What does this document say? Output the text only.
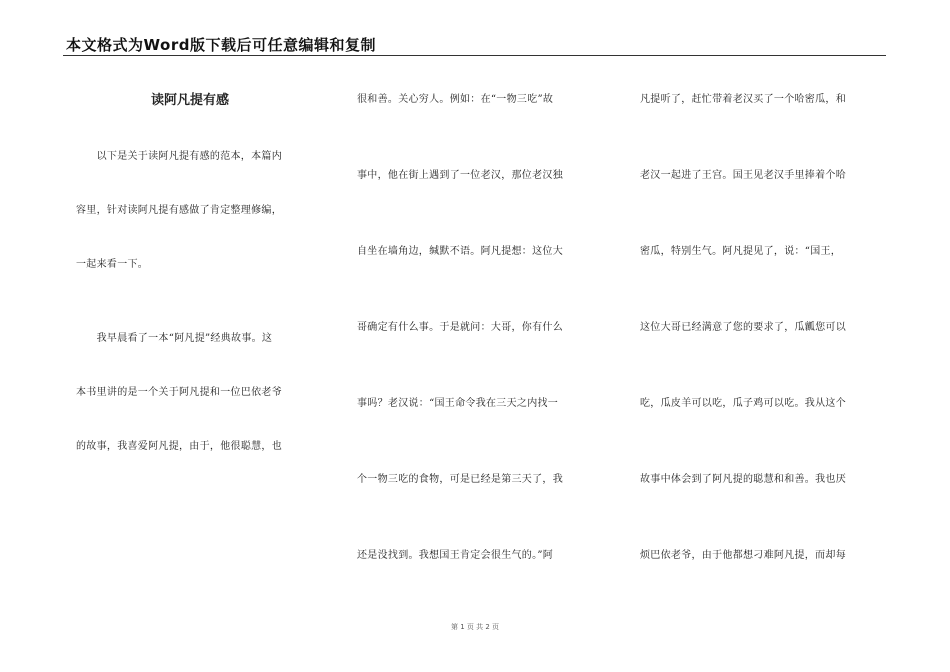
本文格式为Word版下载后可任意编辑和复制
读阿凡提有感
　　以下是关于读阿凡提有感的范本，本篇内
容里，针对读阿凡提有感做了肯定整理修编，
一起来看一下。
　　我早晨看了一本“阿凡提”经典故事。这
本书里讲的是一个关于阿凡提和一位巴依老爷
的故事，我喜爱阿凡提，由于，他很聪慧，也
很和善。关心穷人。例如：在“一物三吃”故
事中，他在街上遇到了一位老汉，那位老汉独
自坐在墙角边，缄默不语。阿凡提想：这位大
哥确定有什么事。于是就问：大哥，你有什么
事吗？老汉说：“国王命令我在三天之内找一
个一物三吃的食物，可是已经是第三天了，我
还是没找到。我想国王肯定会很生气的。”阿
凡提听了，赶忙带着老汉买了一个哈密瓜，和
老汉一起进了王宫。国王见老汉手里捧着个哈
密瓜，特别生气。阿凡提见了，说：“国王，
这位大哥已经满意了您的要求了，瓜瓤您可以
吃，瓜皮羊可以吃，瓜子鸡可以吃。我从这个
故事中体会到了阿凡提的聪慧和和善。我也厌
烦巴依老爷，由于他都想刁难阿凡提，而却每
第 1 页 共 2 页
